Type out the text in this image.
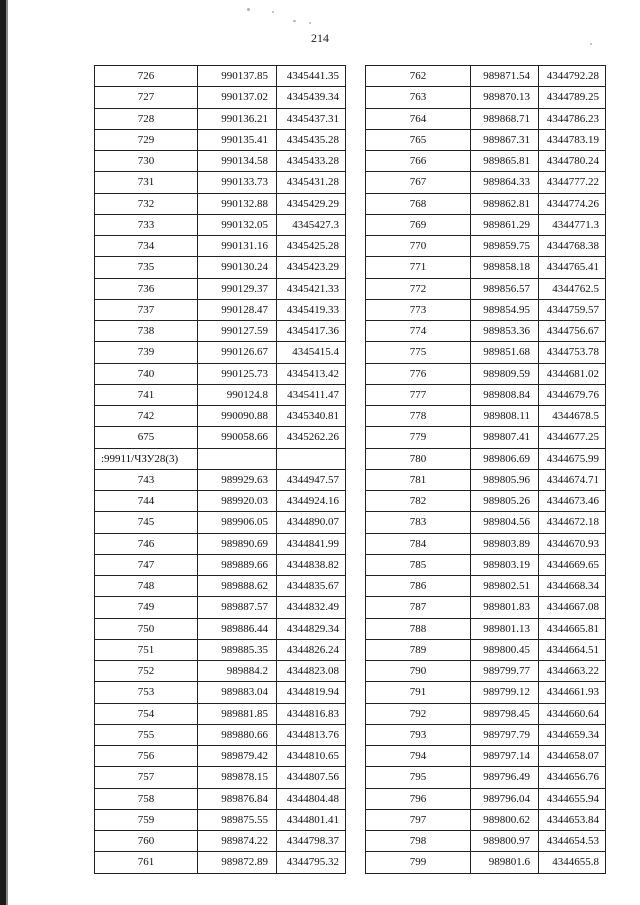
214
726	990137.85	4345441.35
727	990137.02	4345439.34
728	990136.21	4345437.31
729	990135.41	4345435.28
730	990134.58	4345433.28
731	990133.73	4345431.28
732	990132.88	4345429.29
733	990132.05	4345427.3
734	990131.16	4345425.28
735	990130.24	4345423.29
736	990129.37	4345421.33
737	990128.47	4345419.33
738	990127.59	4345417.36
739	990126.67	4345415.4
740	990125.73	4345413.42
741	990124.8	4345411.47
742	990090.88	4345340.81
675	990058.66	4345262.26
:99911/ЧЗУ28(3)		
743	989929.63	4344947.57
744	989920.03	4344924.16
745	989906.05	4344890.07
746	989890.69	4344841.99
747	989889.66	4344838.82
748	989888.62	4344835.67
749	989887.57	4344832.49
750	989886.44	4344829.34
751	989885.35	4344826.24
752	989884.2	4344823.08
753	989883.04	4344819.94
754	989881.85	4344816.83
755	989880.66	4344813.76
756	989879.42	4344810.65
757	989878.15	4344807.56
758	989876.84	4344804.48
759	989875.55	4344801.41
760	989874.22	4344798.37
761	989872.89	4344795.32
762	989871.54	4344792.28
763	989870.13	4344789.25
764	989868.71	4344786.23
765	989867.31	4344783.19
766	989865.81	4344780.24
767	989864.33	4344777.22
768	989862.81	4344774.26
769	989861.29	4344771.3
770	989859.75	4344768.38
771	989858.18	4344765.41
772	989856.57	4344762.5
773	989854.95	4344759.57
774	989853.36	4344756.67
775	989851.68	4344753.78
776	989809.59	4344681.02
777	989808.84	4344679.76
778	989808.11	4344678.5
779	989807.41	4344677.25
780	989806.69	4344675.99
781	989805.96	4344674.71
782	989805.26	4344673.46
783	989804.56	4344672.18
784	989803.89	4344670.93
785	989803.19	4344669.65
786	989802.51	4344668.34
787	989801.83	4344667.08
788	989801.13	4344665.81
789	989800.45	4344664.51
790	989799.77	4344663.22
791	989799.12	4344661.93
792	989798.45	4344660.64
793	989797.79	4344659.34
794	989797.14	4344658.07
795	989796.49	4344656.76
796	989796.04	4344655.94
797	989800.62	4344653.84
798	989800.97	4344654.53
799	989801.6	4344655.8
